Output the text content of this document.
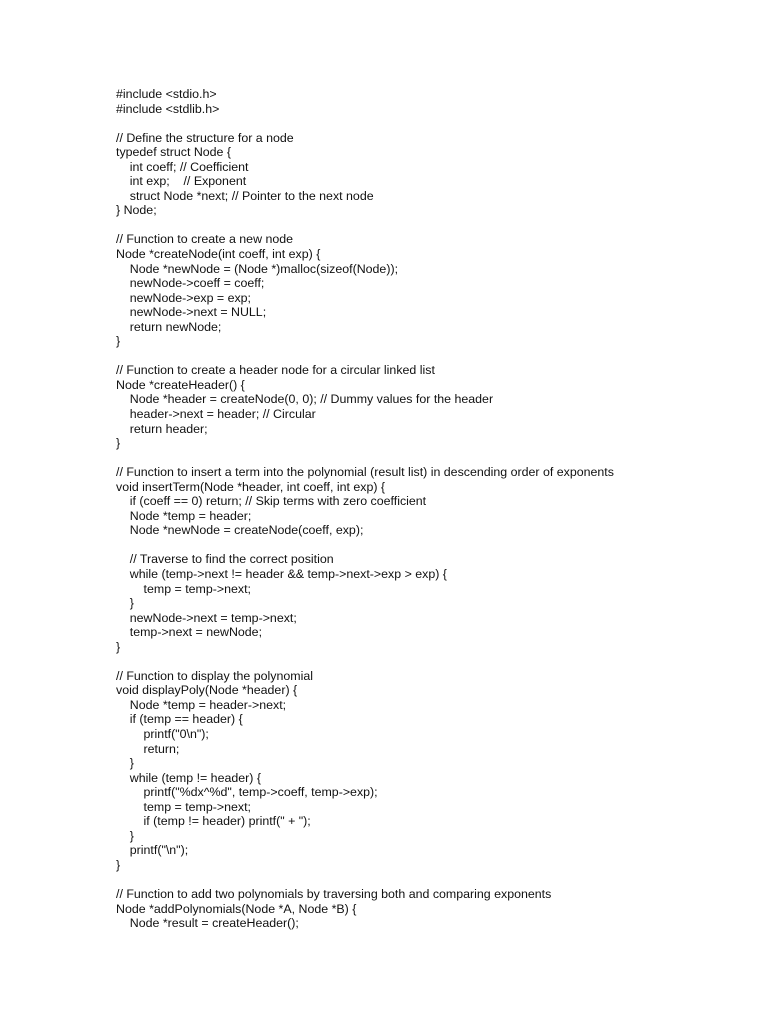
#include <stdio.h>
#include <stdlib.h>
// Define the structure for a node
typedef struct Node {
int coeff; // Coefficient
int exp;    // Exponent
struct Node *next; // Pointer to the next node
} Node;
// Function to create a new node
Node *createNode(int coeff, int exp) {
Node *newNode = (Node *)malloc(sizeof(Node));
newNode->coeff = coeff;
newNode->exp = exp;
newNode->next = NULL;
return newNode;
}
// Function to create a header node for a circular linked list
Node *createHeader() {
Node *header = createNode(0, 0); // Dummy values for the header
header->next = header; // Circular
return header;
}
// Function to insert a term into the polynomial (result list) in descending order of exponents
void insertTerm(Node *header, int coeff, int exp) {
if (coeff == 0) return; // Skip terms with zero coefficient
Node *temp = header;
Node *newNode = createNode(coeff, exp);
// Traverse to find the correct position
while (temp->next != header && temp->next->exp > exp) {
temp = temp->next;
}
newNode->next = temp->next;
temp->next = newNode;
}
// Function to display the polynomial
void displayPoly(Node *header) {
Node *temp = header->next;
if (temp == header) {
printf("0\n");
return;
}
while (temp != header) {
printf("%dx^%d", temp->coeff, temp->exp);
temp = temp->next;
if (temp != header) printf(" + ");
}
printf("\n");
}
// Function to add two polynomials by traversing both and comparing exponents
Node *addPolynomials(Node *A, Node *B) {
Node *result = createHeader();
